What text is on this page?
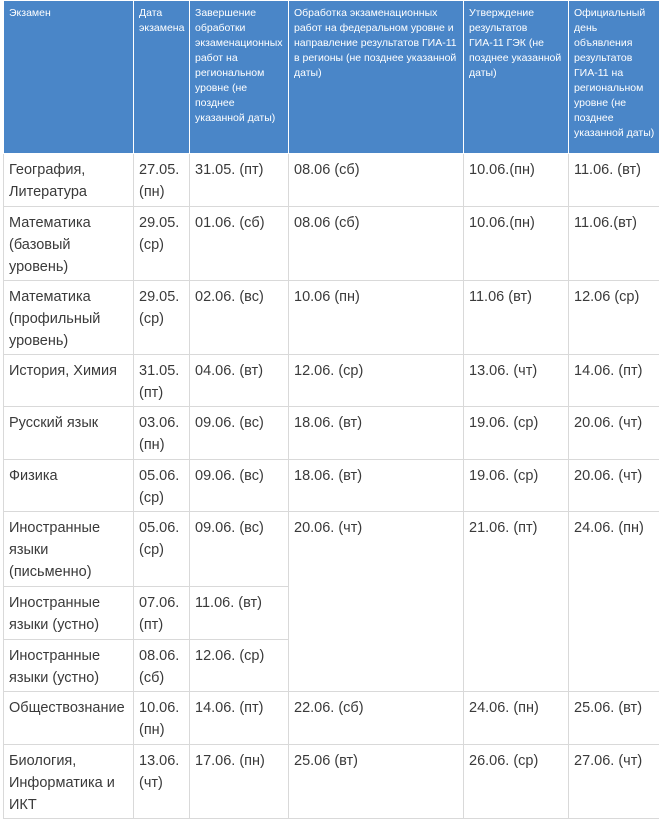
Экзамен	Дата экзамена	Завершение обработки экзаменационных работ на региональном уровне (не позднее указанной даты)	Обработка экзаменационных работ на федеральном уровне и направление результатов ГИА-11 в регионы (не позднее указанной даты)	Утверждение результатов ГИА-11 ГЭК (не позднее указанной даты)	Официальный день объявления результатов ГИА-11 на региональном уровне (не позднее указанной даты)
География, Литература	27.05. (пн)	31.05. (пт)	08.06 (сб)	10.06.(пн)	11.06. (вт)
Математика (базовый уровень)	29.05. (ср)	01.06. (сб)	08.06 (сб)	10.06.(пн)	11.06.(вт)
Математика (профильный уровень)	29.05. (ср)	02.06. (вс)	10.06 (пн)	11.06 (вт)	12.06 (ср)
История, Химия	31.05. (пт)	04.06. (вт)	12.06. (ср)	13.06. (чт)	14.06. (пт)
Русский язык	03.06. (пн)	09.06. (вс)	18.06. (вт)	19.06. (ср)	20.06. (чт)
Физика	05.06. (ср)	09.06. (вс)	18.06. (вт)	19.06. (ср)	20.06. (чт)
Иностранные языки (письменно)	05.06. (ср)	09.06. (вс)	20.06. (чт)	21.06. (пт)	24.06. (пн)
Иностранные языки (устно)	07.06. (пт)	11.06. (вт)			
Иностранные языки (устно)	08.06. (сб)	12.06. (ср)			
Обществознание	10.06. (пн)	14.06. (пт)	22.06. (сб)	24.06. (пн)	25.06. (вт)
Биология, Информатика и ИКТ	13.06. (чт)	17.06. (пн)	25.06 (вт)	26.06. (ср)	27.06. (чт)
